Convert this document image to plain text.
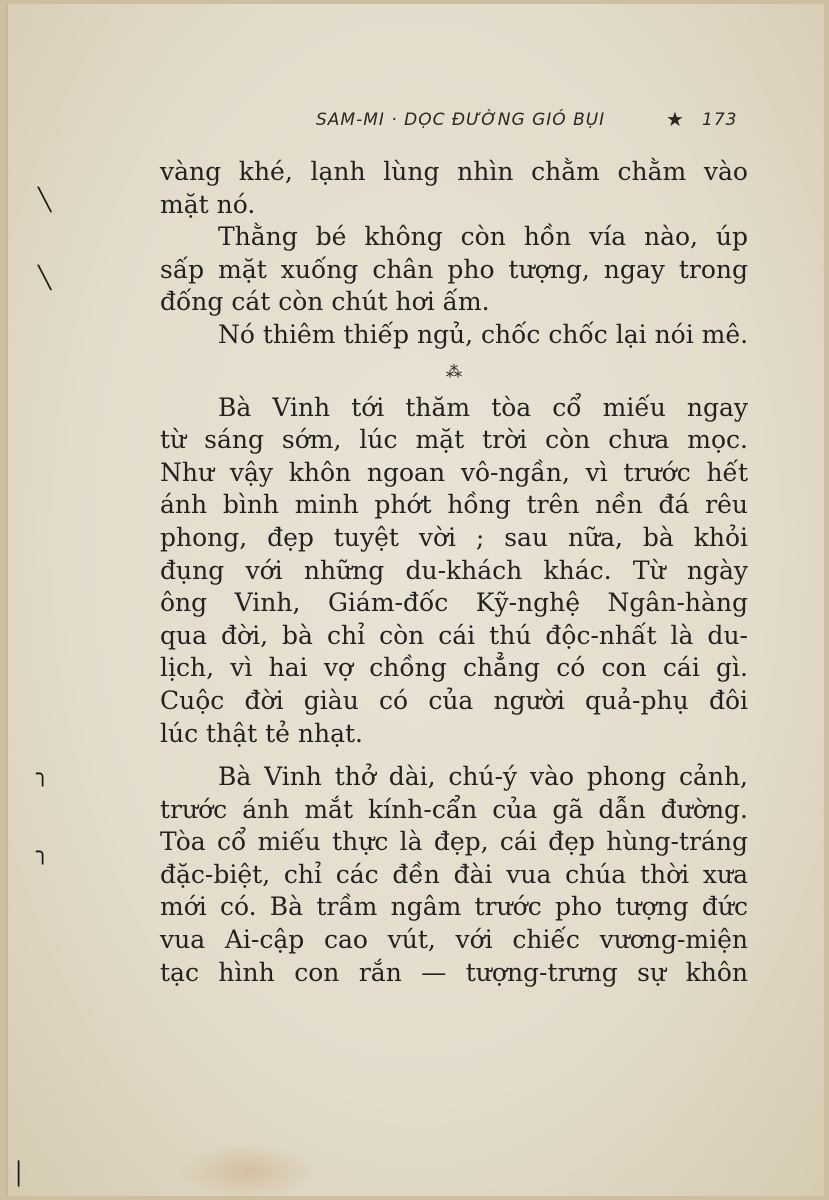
╲
╲
╮
╮
│
SAM-MI · DỌC ĐƯỜNG GIÓ BỤI	★ 173

vàng khé, lạnh lùng nhìn chằm chằm vào
mặt nó.

Thằng bé không còn hồn vía nào, úp
sấp mặt xuống chân pho tượng, ngay trong
đống cát còn chút hơi ấm.

Nó thiêm thiếp ngủ, chốc chốc lại nói mê.

⁂

Bà Vinh tới thăm tòa cổ miếu ngay
từ sáng sớm, lúc mặt trời còn chưa mọc.
Như vậy khôn ngoan vô-ngần, vì trước hết
ánh bình minh phớt hồng trên nền đá rêu
phong, đẹp tuyệt vời ; sau nữa, bà khỏi
đụng với những du-khách khác. Từ ngày
ông Vinh, Giám-đốc Kỹ-nghệ Ngân-hàng
qua đời, bà chỉ còn cái thú độc-nhất là du-
lịch, vì hai vợ chồng chẳng có con cái gì.
Cuộc đời giàu có của người quả-phụ đôi
lúc thật tẻ nhạt.

Bà Vinh thở dài, chú-ý vào phong cảnh,
trước ánh mắt kính-cẩn của gã dẫn đường.
Tòa cổ miếu thực là đẹp, cái đẹp hùng-tráng
đặc-biệt, chỉ các đền đài vua chúa thời xưa
mới có. Bà trầm ngâm trước pho tượng đức
vua Ai-cập cao vút, với chiếc vương-miện
tạc hình con rắn — tượng-trưng sự khôn
